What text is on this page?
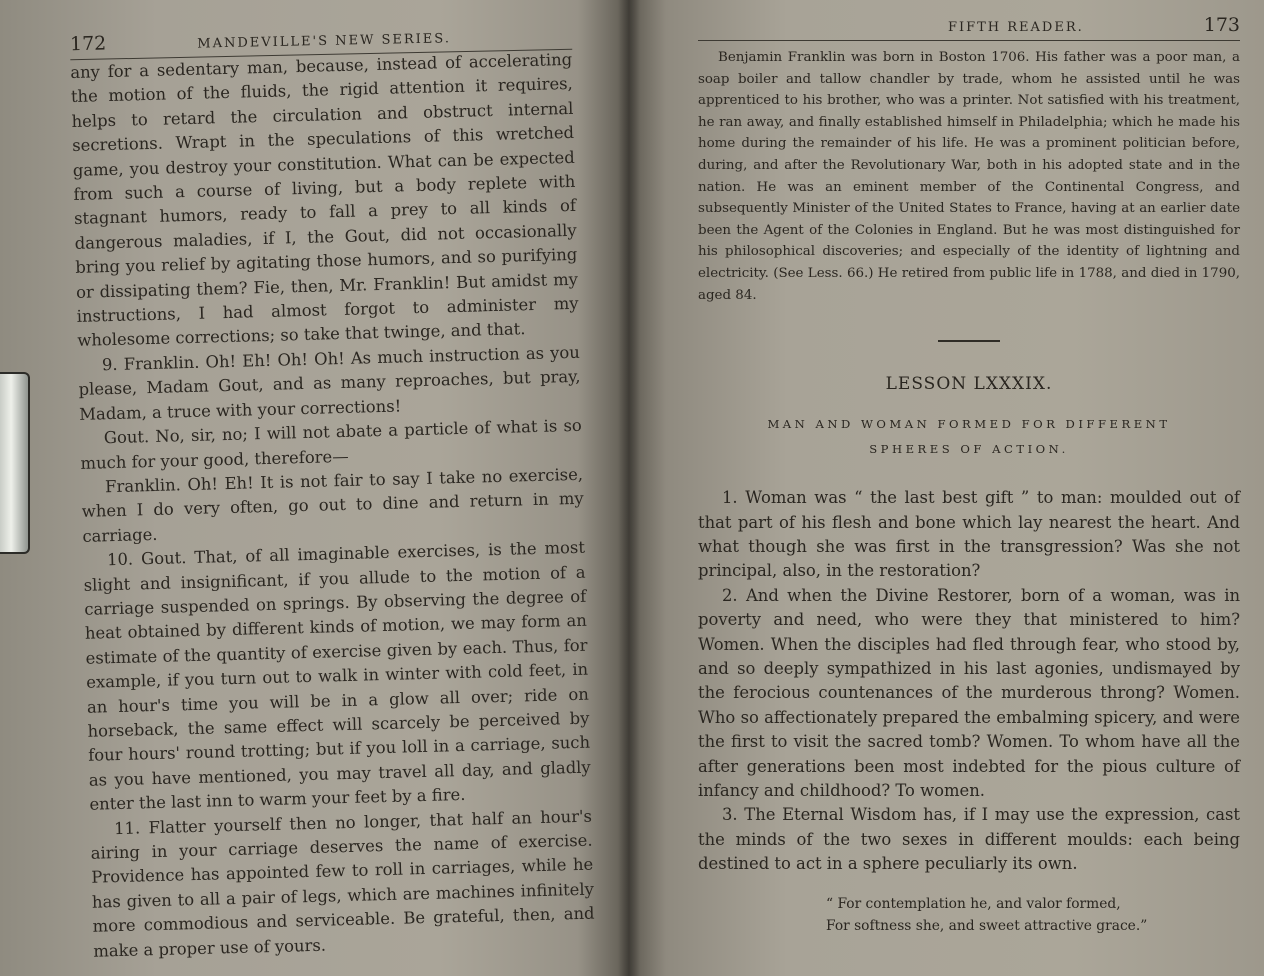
172	MANDEVILLE'S NEW SERIES.

any for a sedentary man, because, instead of accelerating the motion of the fluids, the rigid attention it requires, helps to retard the circulation and obstruct internal secretions. Wrapt in the speculations of this wretched game, you destroy your constitution. What can be expected from such a course of living, but a body replete with stagnant humors, ready to fall a prey to all kinds of dangerous maladies, if I, the Gout, did not occasionally bring you relief by agitating those humors, and so purifying or dissipating them? Fie, then, Mr. Franklin! But amidst my instructions, I had almost forgot to administer my wholesome corrections; so take that twinge, and that.

9. Franklin. Oh! Eh! Oh! Oh! As much instruction as you please, Madam Gout, and as many reproaches, but pray, Madam, a truce with your corrections!

Gout. No, sir, no; I will not abate a particle of what is so much for your good, therefore—

Franklin. Oh! Eh! It is not fair to say I take no exercise, when I do very often, go out to dine and return in my carriage.

10. Gout. That, of all imaginable exercises, is the most slight and insignificant, if you allude to the motion of a carriage suspended on springs. By observing the degree of heat obtained by different kinds of motion, we may form an estimate of the quantity of exercise given by each. Thus, for example, if you turn out to walk in winter with cold feet, in an hour's time you will be in a glow all over; ride on horseback, the same effect will scarcely be perceived by four hours' round trotting; but if you loll in a carriage, such as you have mentioned, you may travel all day, and gladly enter the last inn to warm your feet by a fire.

11. Flatter yourself then no longer, that half an hour's airing in your carriage deserves the name of exercise. Providence has appointed few to roll in carriages, while he has given to all a pair of legs, which are machines infinitely more commodious and serviceable. Be grateful, then, and make a proper use of yours.

FIFTH READER.	173

Benjamin Franklin was born in Boston 1706. His father was a poor man, a soap boiler and tallow chandler by trade, whom he assisted until he was apprenticed to his brother, who was a printer. Not satisfied with his treatment, he ran away, and finally established himself in Philadelphia; which he made his home during the remainder of his life. He was a prominent politician before, during, and after the Revolutionary War, both in his adopted state and in the nation. He was an eminent member of the Continental Congress, and subsequently Minister of the United States to France, having at an earlier date been the Agent of the Colonies in England. But he was most distinguished for his philosophical discoveries; and especially of the identity of lightning and electricity. (See Less. 66.) He retired from public life in 1788, and died in 1790, aged 84.

LESSON LXXXIX.
MAN AND WOMAN FORMED FOR DIFFERENT
SPHERES OF ACTION.

1. Woman was “ the last best gift ” to man: moulded out of that part of his flesh and bone which lay nearest the heart. And what though she was first in the transgression? Was she not principal, also, in the restoration?

2. And when the Divine Restorer, born of a woman, was in poverty and need, who were they that ministered to him? Women. When the disciples had fled through fear, who stood by, and so deeply sympathized in his last agonies, undismayed by the ferocious countenances of the murderous throng? Women. Who so affectionately prepared the embalming spicery, and were the first to visit the sacred tomb? Women. To whom have all the after generations been most indebted for the pious culture of infancy and childhood? To women.

3. The Eternal Wisdom has, if I may use the expression, cast the minds of the two sexes in different moulds: each being destined to act in a sphere peculiarly its own.

“ For contemplation he, and valor formed,
For softness she, and sweet attractive grace.”
